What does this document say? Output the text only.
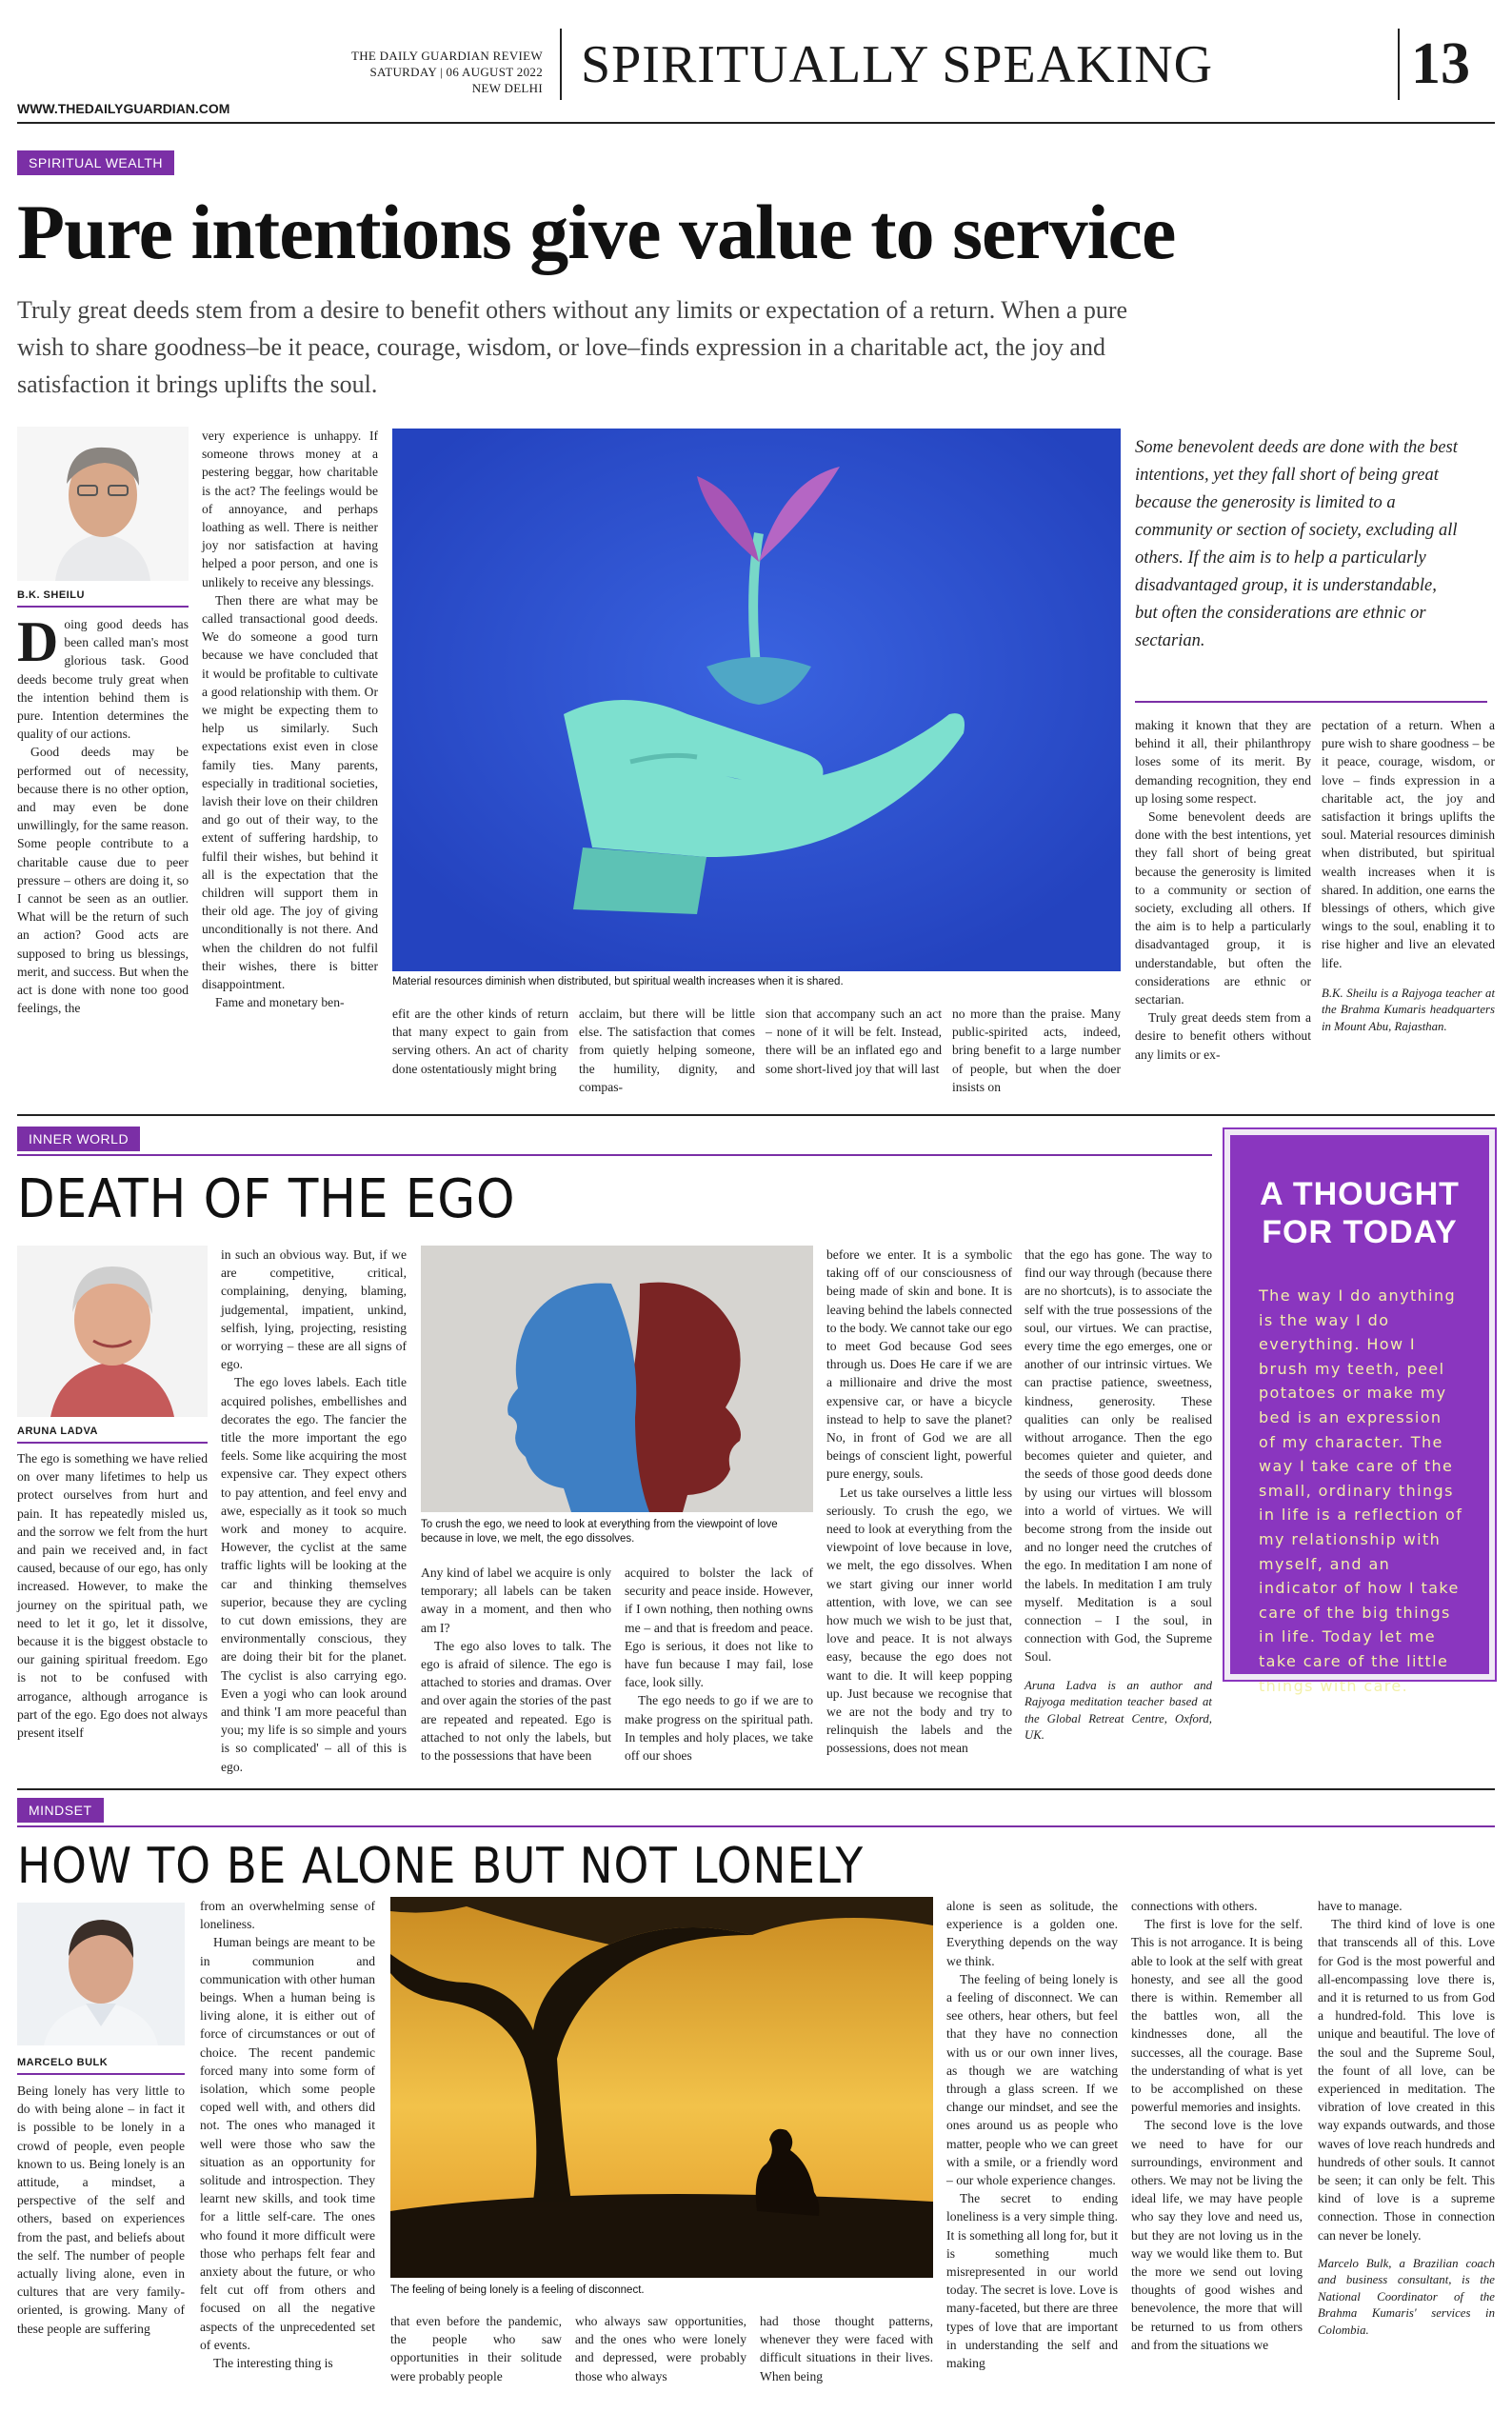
THE DAILY GUARDIAN REVIEW
SATURDAY | 06 AUGUST 2022
NEW DELHI SPIRITUALLY SPEAKING	13
WWW.THEDAILYGUARDIAN.COM
SPIRITUAL WEALTH
Pure intentions give value to service
Truly great deeds stem from a desire to benefit others without any limits or expectation of a return. When a pure wish to share goodness–be it peace, courage, wisdom, or love–finds expression in a charitable act, the joy and satisfaction it brings uplifts the soul.
B.K. SHEILU

Doing good deeds has been called man's most glorious task. Good deeds become truly great when the intention behind them is pure. Intention determines the quality of our actions.

Good deeds may be performed out of necessity, because there is no other option, and may even be done unwillingly, for the same reason. Some people contribute to a charitable cause due to peer pressure – others are doing it, so I cannot be seen as an outlier. What will be the return of such an action? Good acts are supposed to bring us blessings, merit, and success. But when the act is done with none too good feelings, the

very experience is unhappy. If someone throws money at a pestering beggar, how charitable is the act? The feelings would be of annoyance, and perhaps loathing as well. There is neither joy nor satisfaction at having helped a poor person, and one is unlikely to receive any blessings.

Then there are what may be called transactional good deeds. We do someone a good turn because we have concluded that it would be profitable to cultivate a good relationship with them. Or we might be expecting them to help us similarly. Such expectations exist even in close family ties. Many parents, especially in traditional societies, lavish their love on their children and go out of their way, to the extent of suffering hardship, to fulfil their wishes, but behind it all is the expectation that the children will support them in their old age. The joy of giving unconditionally is not there. And when the children do not fulfil their wishes, there is bitter disappointment.

Fame and monetary ben-

Material resources diminish when distributed, but spiritual wealth increases when it is shared.
Some benevolent deeds are done with the best intentions, yet they fall short of being great because the generosity is limited to a community or section of society, excluding all others. If the aim is to help a particularly disadvantaged group, it is understandable, but often the considerations are ethnic or sectarian.

efit are the other kinds of return that many expect to gain from serving others. An act of charity done ostentatiously might bring

acclaim, but there will be little else. The satisfaction that comes from quietly helping someone, the humility, dignity, and compas-

sion that accompany such an act – none of it will be felt. Instead, there will be an inflated ego and some short-lived joy that will last

no more than the praise. Many public-spirited acts, indeed, bring benefit to a large number of people, but when the doer insists on

making it known that they are behind it all, their philanthropy loses some of its merit. By demanding recognition, they end up losing some respect.

Some benevolent deeds are done with the best intentions, yet they fall short of being great because the generosity is limited to a community or section of society, excluding all others. If the aim is to help a particularly disadvantaged group, it is understandable, but often the considerations are ethnic or sectarian.

Truly great deeds stem from a desire to benefit others without any limits or ex-

pectation of a return. When a pure wish to share goodness – be it peace, courage, wisdom, or love – finds expression in a charitable act, the joy and satisfaction it brings uplifts the soul. Material resources diminish when distributed, but spiritual wealth increases when it is shared. In addition, one earns the blessings of others, which give wings to the soul, enabling it to rise higher and live an elevated life.

B.K. Sheilu is a Rajyoga teacher at the Brahma Kumaris headquarters in Mount Abu, Rajasthan.

INNER WORLD
DEATH OF THE EGO
ARUNA LADVA

The ego is something we have relied on over many lifetimes to help us protect ourselves from hurt and pain. It has repeatedly misled us, and the sorrow we felt from the hurt and pain we received and, in fact caused, because of our ego, has only increased. However, to make the journey on the spiritual path, we need to let it go, let it dissolve, because it is the biggest obstacle to our gaining spiritual freedom. Ego is not to be confused with arrogance, although arrogance is part of the ego. Ego does not always present itself

in such an obvious way. But, if we are competitive, critical, complaining, denying, blaming, judgemental, impatient, unkind, selfish, lying, projecting, resisting or worrying – these are all signs of ego.

The ego loves labels. Each title acquired polishes, embellishes and decorates the ego. The fancier the title the more important the ego feels. Some like acquiring the most expensive car. They expect others to pay attention, and feel envy and awe, especially as it took so much work and money to acquire. However, the cyclist at the same traffic lights will be looking at the car and thinking themselves superior, because they are cycling to cut down emissions, they are environmentally conscious, they are doing their bit for the planet. The cyclist is also carrying ego. Even a yogi who can look around and think 'I am more peaceful than you; my life is so simple and yours is so complicated' – all of this is ego.

To crush the ego, we need to look at everything from the viewpoint of love because in love, we melt, the ego dissolves.

Any kind of label we acquire is only temporary; all labels can be taken away in a moment, and then who am I?

The ego also loves to talk. The ego is afraid of silence. The ego is attached to stories and dramas. Over and over again the stories of the past are repeated and repeated. Ego is attached to not only the labels, but to the possessions that have been

acquired to bolster the lack of security and peace inside. However, if I own nothing, then nothing owns me – and that is freedom and peace. Ego is serious, it does not like to have fun because I may fail, lose face, look silly.

The ego needs to go if we are to make progress on the spiritual path. In temples and holy places, we take off our shoes

before we enter. It is a symbolic taking off of our consciousness of being made of skin and bone. It is leaving behind the labels connected to the body. We cannot take our ego to meet God because God sees through us. Does He care if we are a millionaire and drive the most expensive car, or have a bicycle instead to help to save the planet? No, in front of God we are all beings of conscient light, powerful pure energy, souls.

Let us take ourselves a little less seriously. To crush the ego, we need to look at everything from the viewpoint of love because in love, we melt, the ego dissolves. When we start giving our inner world attention, with love, we can see how much we wish to be just that, love and peace. It is not always easy, because the ego does not want to die. It will keep popping up. Just because we recognise that we are not the body and try to relinquish the labels and the possessions, does not mean

that the ego has gone. The way to find our way through (because there are no shortcuts), is to associate the self with the true possessions of the soul, our virtues. We can practise, every time the ego emerges, one or another of our intrinsic virtues. We can practise patience, sweetness, kindness, generosity. These qualities can only be realised without arrogance. Then the ego becomes quieter and quieter, and the seeds of those good deeds done by using our virtues will blossom into a world of virtues. We will become strong from the inside out and no longer need the crutches of the ego. In meditation I am none of the labels. In meditation I am truly myself. Meditation is a soul connection – I the soul, in connection with God, the Supreme Soul.

Aruna Ladva is an author and Rajyoga meditation teacher based at the Global Retreat Centre, Oxford, UK.

A THOUGHT
FOR TODAY
The way I do anything is the way I do everything. How I brush my teeth, peel potatoes or make my bed is an expression of my character. The way I take care of the small, ordinary things in life is a reflection of my relationship with myself, and an indicator of how I take care of the big things in life. Today let me take care of the little things with care.
MINDSET
HOW TO BE ALONE BUT NOT LONELY
MARCELO BULK

Being lonely has very little to do with being alone – in fact it is possible to be lonely in a crowd of people, even people known to us. Being lonely is an attitude, a mindset, a perspective of the self and others, based on experiences from the past, and beliefs about the self. The number of people actually living alone, even in cultures that are very family-oriented, is growing. Many of these people are suffering

from an overwhelming sense of loneliness.

Human beings are meant to be in communion and communication with other human beings. When a human being is living alone, it is either out of force of circumstances or out of choice. The recent pandemic forced many into some form of isolation, which some people coped well with, and others did not. The ones who managed it well were those who saw the situation as an opportunity for solitude and introspection. They learnt new skills, and took time for a little self-care. The ones who found it more difficult were those who perhaps felt fear and anxiety about the future, or who felt cut off from others and focused on all the negative aspects of the unprecedented set of events.

The interesting thing is

The feeling of being lonely is a feeling of disconnect.

that even before the pandemic, the people who saw opportunities in their solitude were probably people

who always saw opportunities, and the ones who were lonely and depressed, were probably those who always

had those thought patterns, whenever they were faced with difficult situations in their lives. When being

alone is seen as solitude, the experience is a golden one. Everything depends on the way we think.

The feeling of being lonely is a feeling of disconnect. We can see others, hear others, but feel that they have no connection with us or our own inner lives, as though we are watching through a glass screen. If we change our mindset, and see the ones around us as people who matter, people who we can greet with a smile, or a friendly word – our whole experience changes.

The secret to ending loneliness is a very simple thing. It is something all long for, but it is something much misrepresented in our world today. The secret is love. Love is many-faceted, but there are three types of love that are important in understanding the self and making

connections with others.

The first is love for the self. This is not arrogance. It is being able to look at the self with great honesty, and see all the good there is within. Remember all the battles won, all the kindnesses done, all the successes, all the courage. Base the understanding of what is yet to be accomplished on these powerful memories and insights.

The second love is the love we need to have for our surroundings, environment and others. We may not be living the ideal life, we may have people who say they love and need us, but they are not loving us in the way we would like them to. But the more we send out loving thoughts of good wishes and benevolence, the more that will be returned to us from others and from the situations we

have to manage.

The third kind of love is one that transcends all of this. Love for God is the most powerful and all-encompassing love there is, and it is returned to us from God a hundred-fold. This love is unique and beautiful. The love of the soul and the Supreme Soul, the fount of all love, can be experienced in meditation. The vibration of love created in this way expands outwards, and those waves of love reach hundreds and hundreds of other souls. It cannot be seen; it can only be felt. This kind of love is a supreme connection. Those in connection can never be lonely.

Marcelo Bulk, a Brazilian coach and business consultant, is the National Coordinator of the Brahma Kumaris' services in Colombia.
